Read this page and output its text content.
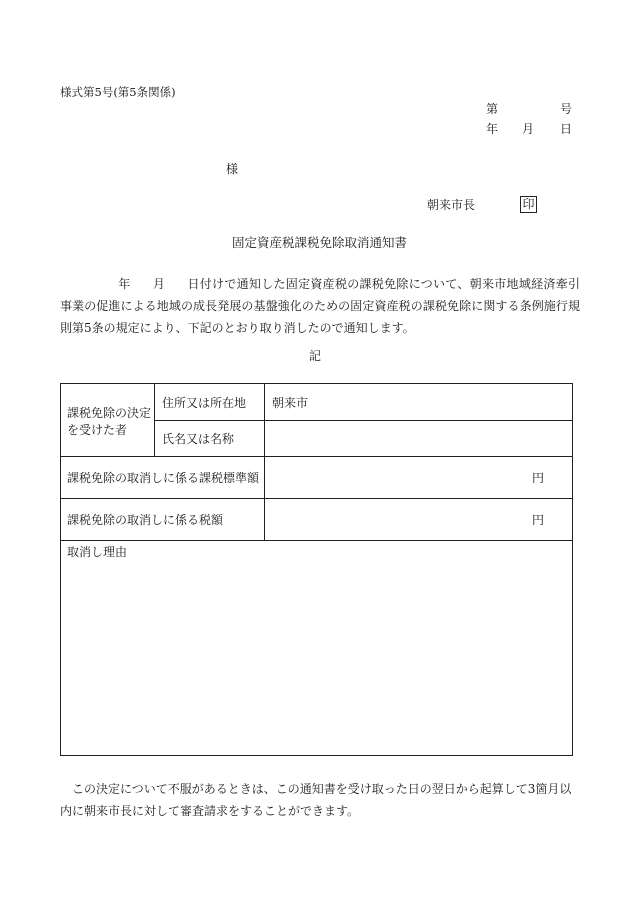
様式第5号(第5条関係)
第	号
年 月 日
様
朝来市長	印
固定資産税課税免除取消通知書
年 月 日付けで通知した固定資産税の課税免除について、朝来市地域経済牽引事業の促進による地域の成長発展の基盤強化のための固定資産税の課税免除に関する条例施行規則第5条の規定により、下記のとおり取り消したので通知します。
記
課税免除の決定
を受けた者
住所又は所在地 朝来市
氏名又は名称
課税免除の取消しに係る課税標準額	円
課税免除の取消しに係る税額	円
取消し理由
この決定について不服があるときは、この通知書を受け取った日の翌日から起算して3箇月以内に朝来市長に対して審査請求をすることができます。
